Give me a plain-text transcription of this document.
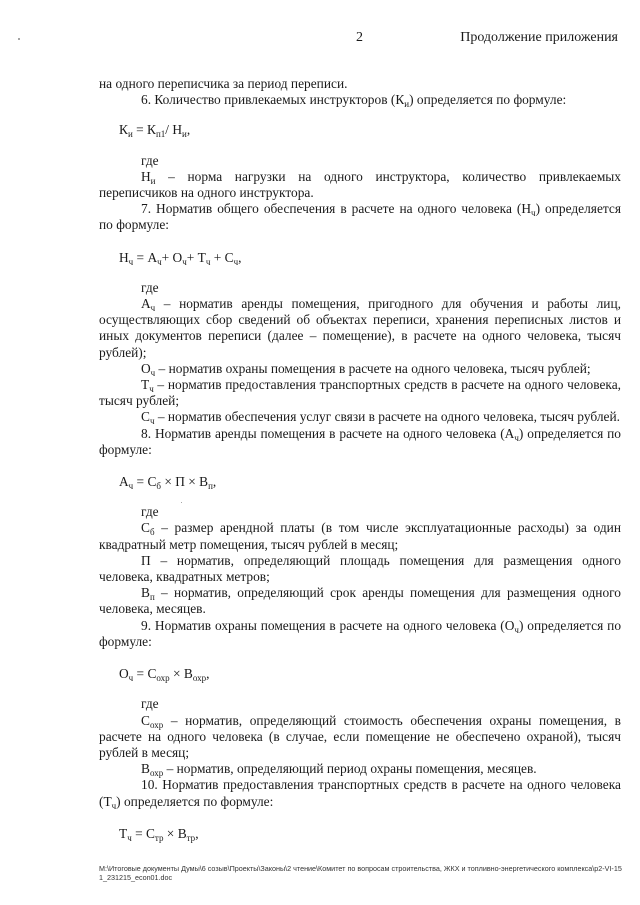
2	Продолжение приложения

на одного переписчика за период переписи.

6. Количество привлекаемых инструкторов $(К_и)$ определяется по формуле:

$К_и = К_{п1}/$ $Н_и$,

где

$Н_и$ – норма нагрузки на одного инструктора, количество привлекаемых переписчиков на одного инструктора.

7. Норматив общего обеспечения в расчете на одного человека $(Н_ч)$ определяется по формуле:

$Н_ч = А_ч+ О_ч+ Т_ч + С_ч$,

где

$А_ч$ – норматив аренды помещения, пригодного для обучения и работы лиц, осуществляющих сбор сведений об объектах переписи, хранения переписных листов и иных документов переписи (далее – помещение), в расчете на одного человека, тысяч рублей);

$О_ч$ – норматив охраны помещения в расчете на одного человека, тысяч рублей;

$Т_ч$ – норматив предоставления транспортных средств в расчете на одного человека, тысяч рублей;

$С_ч$ – норматив обеспечения услуг связи в расчете на одного человека, тысяч рублей.

8. Норматив аренды помещения в расчете на одного человека $(А_ч)$ определяется по формуле:

$А_ч = С_б \times П \times В_п$,

где

$С_б$ – размер арендной платы (в том числе эксплуатационные расходы) за один квадратный метр помещения, тысяч рублей в месяц;

П – норматив, определяющий площадь помещения для размещения одного человека, квадратных метров;

$В_п$ – норматив, определяющий срок аренды помещения для размещения одного человека, месяцев.

9. Норматив охраны помещения в расчете на одного человека $(О_ч)$ определяется по формуле:

$О_ч = С_{охр} \times В_{охр}$,

где

$С_{охр}$ – норматив, определяющий стоимость обеспечения охраны помещения, в расчете на одного человека (в случае, если помещение не обеспечено охраной), тысяч рублей в месяц;

$В_{охр}$ – норматив, определяющий период охраны помещения, месяцев.

10. Норматив предоставления транспортных средств в расчете на одного человека $(Т_ч)$ определяется по формуле:

$Т_ч = С_{тр} \times В_{тр}$,

M:\Итоговые документы Думы\6 созыв\Проекты\Законы\2 чтение\Комитет по вопросам строительства, ЖКХ и топливно-энергетического комплекса\р2-VI-151_231215_econ01.doc
